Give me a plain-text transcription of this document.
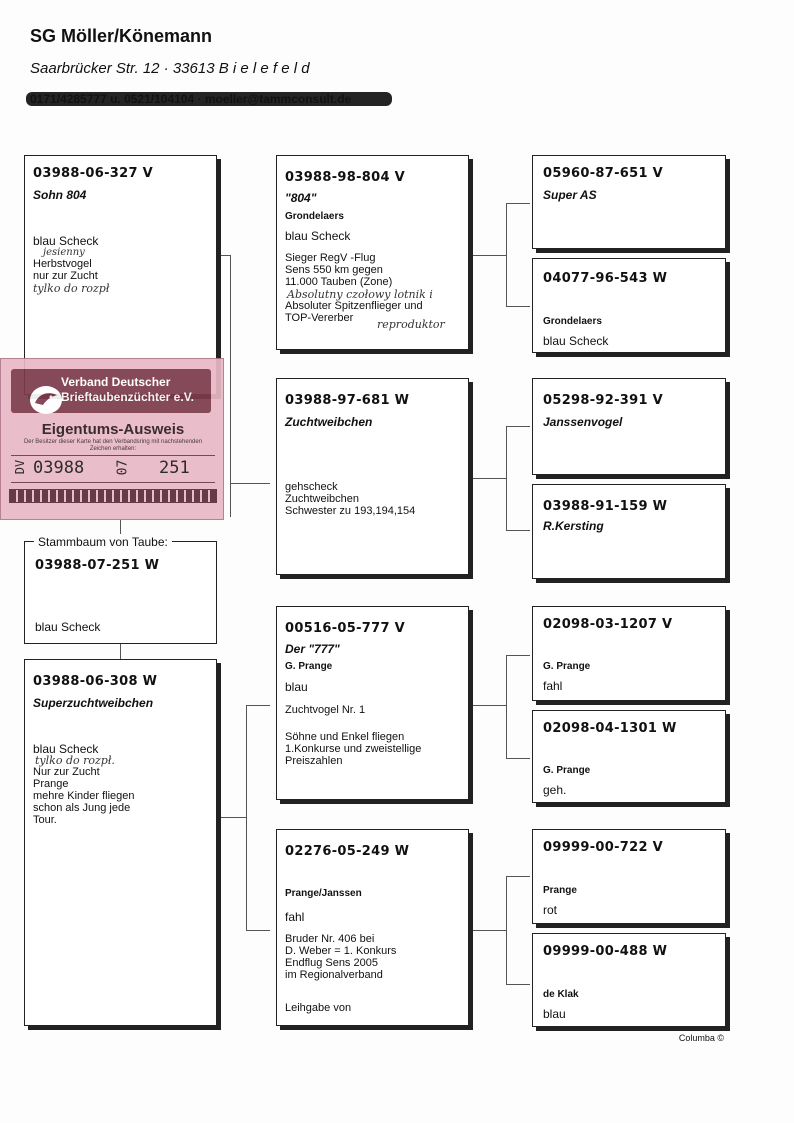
SG Möller/Könemann
Saarbrücker Str. 12 · 33613 B i e l e f e l d
03988-06-327 V
Sohn 804
blau Scheck
jesienny
Herbstvogel
nur zur Zucht
tylko do rozpł
03988-06-308 W
Superzuchtweibchen
blau Scheck
tylko do rozpł.
Nur zur Zucht
Prange
mehre Kinder fliegen
schon als Jung jede
Tour.
03988-07-251 W
blau Scheck
Stammbaum von Taube:
03988-98-804 V
"804"
Grondelaers
blau Scheck
Sieger RegV -Flug
Sens 550 km gegen
11.000 Tauben (Zone)
Absolutny czołowy lotnik i
Absoluter Spitzenflieger und
TOP-Vererber	reproduktor
03988-97-681 W
Zuchtweibchen
gehscheck
Zuchtweibchen
Schwester zu 193,194,154
00516-05-777 V
Der "777"
G. Prange
blau
Zuchtvogel Nr. 1
Söhne und Enkel fliegen
1.Konkurse und zweistellige
Preiszahlen
02276-05-249 W
Prange/Janssen
fahl
Bruder Nr. 406 bei
D. Weber = 1. Konkurs
Endflug Sens 2005
im Regionalverband
Leihgabe von
05960-87-651 V
Super AS
04077-96-543 W
Grondelaers
blau Scheck
05298-92-391 V
Janssenvogel
03988-91-159 W
R.Kersting
02098-03-1207 V
G. Prange
fahl
02098-04-1301 W
G. Prange
geh.
09999-00-722 V
Prange
rot
09999-00-488 W
de Klak
blau
Verband Deutscher
Brieftaubenzüchter e.V.
Eigentums-Ausweis
Der Besitzer dieser Karte hat den Verbandsring mit nachstehenden Zeichen erhalten:
DV 03988 07 251
Columba ©
